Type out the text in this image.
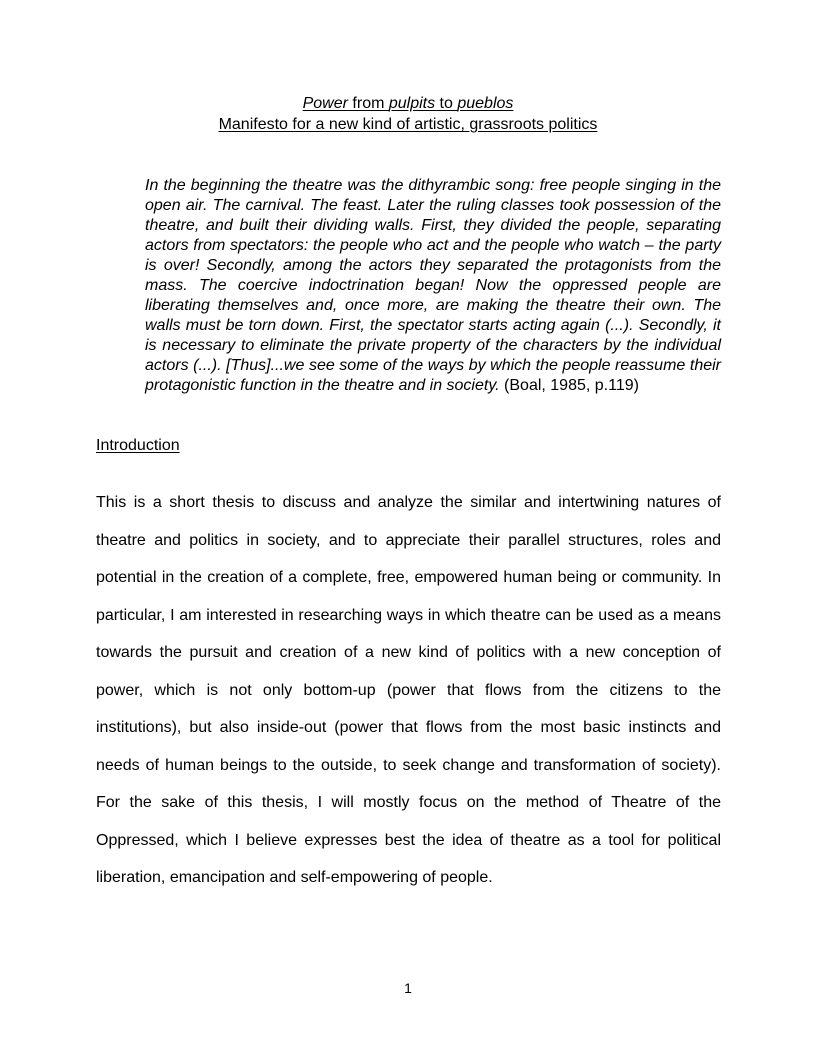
Power from pulpits to pueblos
Manifesto for a new kind of artistic, grassroots politics
In the beginning the theatre was the dithyrambic song: free people singing in the open air. The carnival. The feast. Later the ruling classes took possession of the theatre, and built their dividing walls. First, they divided the people, separating actors from spectators: the people who act and the people who watch – the party is over! Secondly, among the actors they separated the protagonists from the mass. The coercive indoctrination began! Now the oppressed people are liberating themselves and, once more, are making the theatre their own. The walls must be torn down. First, the spectator starts acting again (...). Secondly, it is necessary to eliminate the private property of the characters by the individual actors (...). [Thus]...we see some of the ways by which the people reassume their protagonistic function in the theatre and in society. (Boal, 1985, p.119)
Introduction
This is a short thesis to discuss and analyze the similar and intertwining natures of theatre and politics in society, and to appreciate their parallel structures, roles and potential in the creation of a complete, free, empowered human being or community. In particular, I am interested in researching ways in which theatre can be used as a means towards the pursuit and creation of a new kind of politics with a new conception of power, which is not only bottom-up (power that flows from the citizens to the institutions), but also inside-out (power that flows from the most basic instincts and needs of human beings to the outside, to seek change and transformation of society). For the sake of this thesis, I will mostly focus on the method of Theatre of the Oppressed, which I believe expresses best the idea of theatre as a tool for political liberation, emancipation and self-empowering of people.
1
